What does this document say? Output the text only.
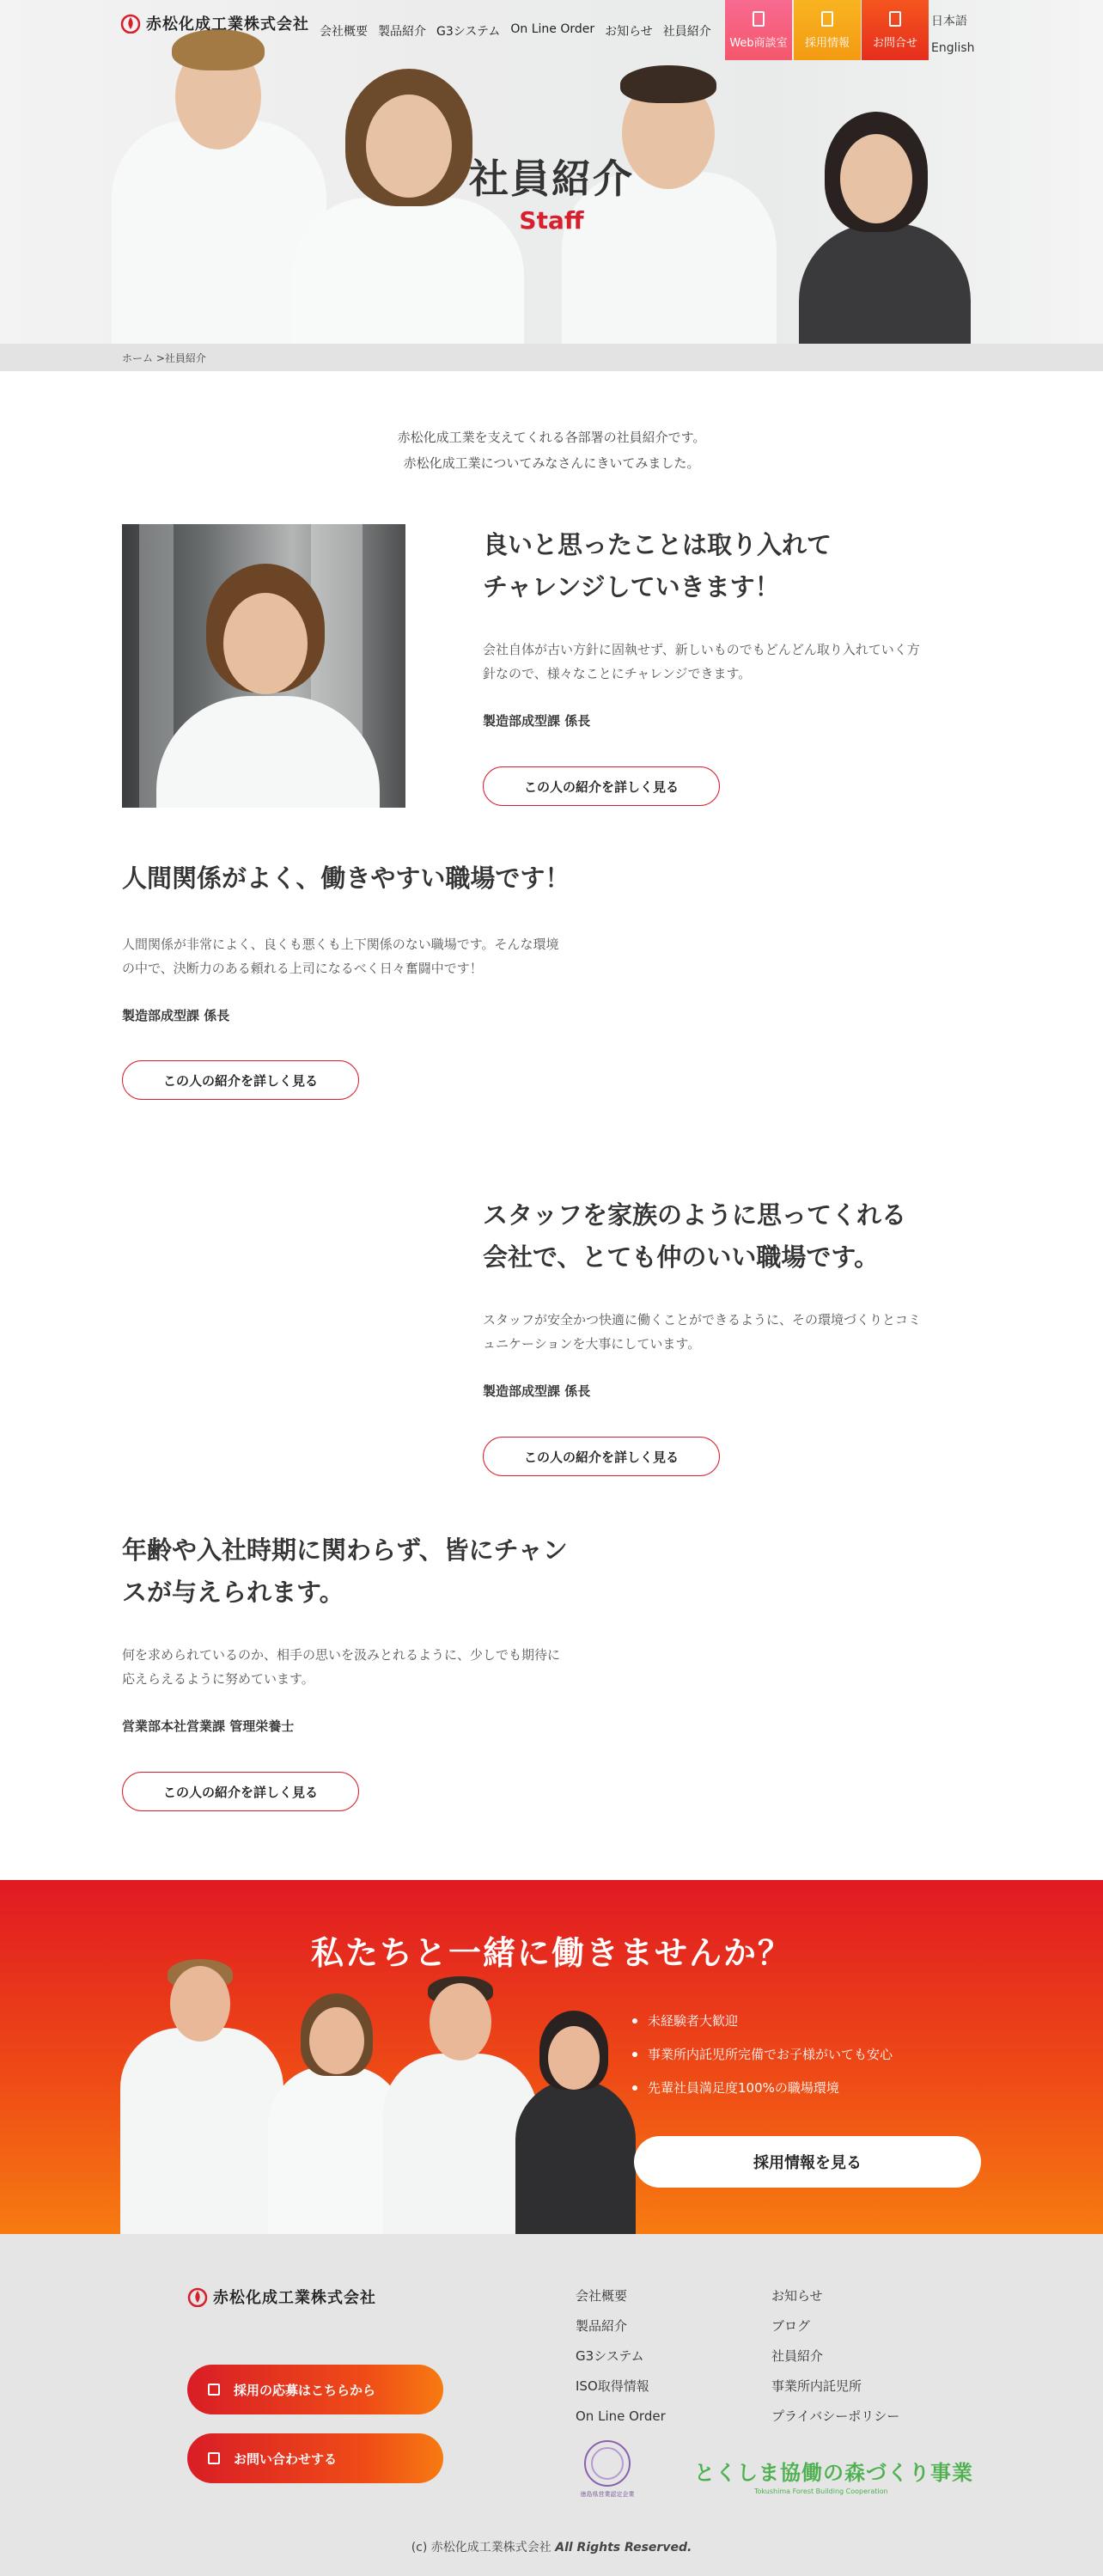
社員紹介
Staff
赤松化成工業株式会社 会社概要 製品紹介 G3システム On Line Order お知らせ 社員紹介
Web商談室 採用情報 お問合せ
日本語
English
ホーム >社員紹介
赤松化成工業を支えてくれる各部署の社員紹介です。
赤松化成工業についてみなさんにきいてみました。
良いと思ったことは取り入れて
チャレンジしていきます！
会社自体が古い方針に固執せず、新しいものでもどんどん取り入れていく方
針なので、様々なことにチャレンジできます。
製造部成型課 係長
この人の紹介を詳しく見る
人間関係がよく、働きやすい職場です！
人間関係が非常によく、良くも悪くも上下関係のない職場です。そんな環境
の中で、決断力のある頼れる上司になるべく日々奮闘中です！
製造部成型課 係長
この人の紹介を詳しく見る
スタッフを家族のように思ってくれる
会社で、とても仲のいい職場です。
スタッフが安全かつ快適に働くことができるように、その環境づくりとコミ
ュニケーションを大事にしています。
製造部成型課 係長
この人の紹介を詳しく見る
年齢や入社時期に関わらず、皆にチャン
スが与えられます。
何を求められているのか、相手の思いを汲みとれるように、少しでも期待に
応えらえるように努めています。
営業部本社営業課 管理栄養士
この人の紹介を詳しく見る
私たちと一緒に働きませんか？
未経験者大歓迎
事業所内託児所完備でお子様がいても安心
先輩社員満足度100%の職場環境
採用情報を見る
赤松化成工業株式会社
採用の応募はこちらから
お問い合わせする
会社概要
製品紹介
G3システム
ISO取得情報
On Line Order
お知らせ
ブログ
社員紹介
事業所内託児所
プライバシーポリシー
徳島県営業認定企業
とくしま協働の森づくり事業
Tokushima Forest Building Cooperation
(c) 赤松化成工業株式会社 All Rights Reserved.
